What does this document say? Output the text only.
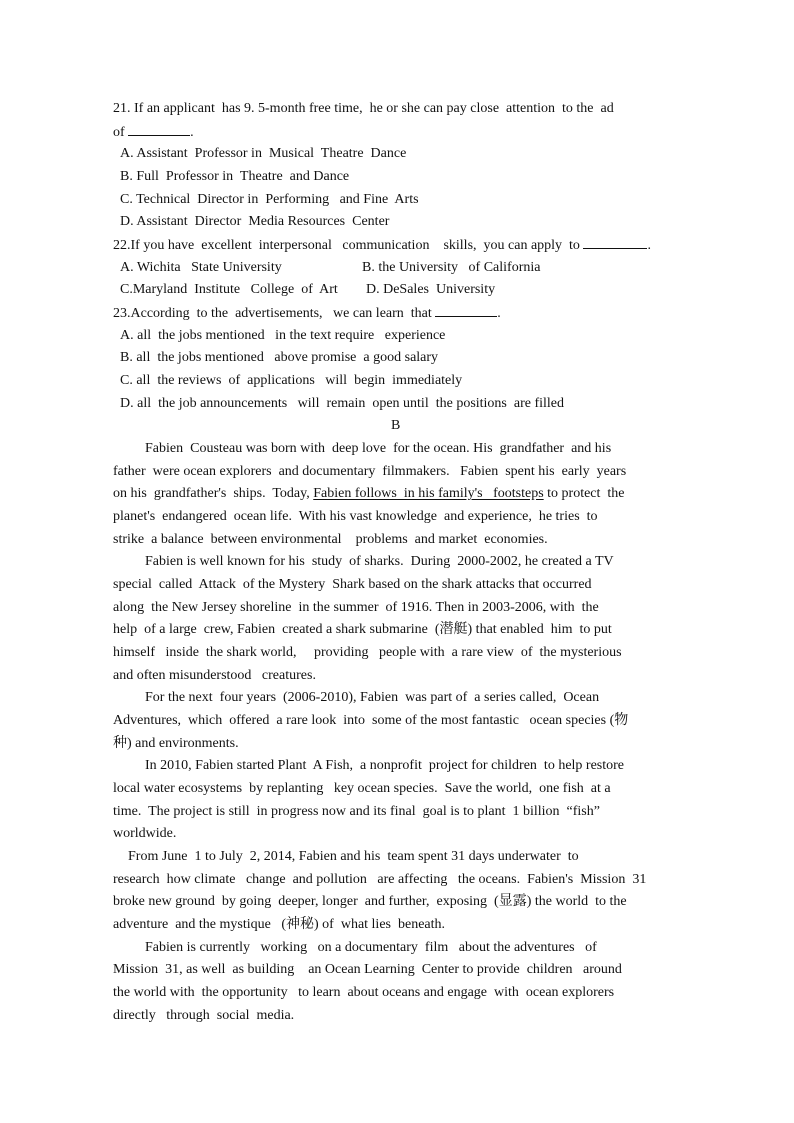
21. If an applicant  has 9. 5-month free time,  he or she can pay close  attention  to the  ad
of	.
A. Assistant  Professor in  Musical  Theatre  Dance
B. Full  Professor in  Theatre  and Dance
C. Technical  Director in  Performing   and Fine  Arts
D. Assistant  Director  Media Resources  Center
22.If you have  excellent  interpersonal   communication    skills,  you can apply  to	.
A. Wichita   State University	B. the University   of California
C.Maryland  Institute   College  of  Art D. DeSales  University
23.According  to the  advertisements,   we can learn  that	.
A. all  the jobs mentioned   in the text require   experience
B. all  the jobs mentioned   above promise  a good salary
C. all  the reviews  of  applications   will  begin  immediately
D. all  the job announcements   will  remain  open until  the positions  are filled
B
Fabien  Cousteau was born with  deep love  for the ocean. His  grandfather  and his
father  were ocean explorers  and documentary  filmmakers.   Fabien  spent his  early  years
on his  grandfather's  ships.  Today, Fabien follows  in his family's   footsteps to protect  the
planet's  endangered  ocean life.  With his vast knowledge  and experience,  he tries  to
strike  a balance  between environmental    problems  and market  economies.
Fabien is well known for his  study  of sharks.  During  2000-2002, he created a TV
special  called  Attack  of the Mystery  Shark based on the shark attacks that occurred
along  the New Jersey shoreline  in the summer  of 1916. Then in 2003-2006, with  the
help  of a large  crew, Fabien  created a shark submarine  (潜艇) that enabled  him  to put
himself   inside  the shark world,     providing   people with  a rare view  of  the mysterious
and often misunderstood   creatures.
For the next  four years  (2006-2010), Fabien  was part of  a series called,  Ocean
Adventures,  which  offered  a rare look  into  some of the most fantastic   ocean species (物
种) and environments.
In 2010, Fabien started Plant  A Fish,  a nonprofit  project for children  to help restore
local water ecosystems  by replanting   key ocean species.  Save the world,  one fish  at a
time.  The project is still  in progress now and its final  goal is to plant  1 billion  “fish”
worldwide.
From June  1 to July  2, 2014, Fabien and his  team spent 31 days underwater  to
research  how climate   change  and pollution   are affecting   the oceans.  Fabien's  Mission  31
broke new ground  by going  deeper, longer  and further,  exposing  (显露) the world  to the
adventure  and the mystique   (神秘) of  what lies  beneath.
Fabien is currently   working   on a documentary  film   about the adventures   of
Mission  31, as well  as building    an Ocean Learning  Center to provide  children   around
the world with  the opportunity   to learn  about oceans and engage  with  ocean explorers
directly   through  social  media.
